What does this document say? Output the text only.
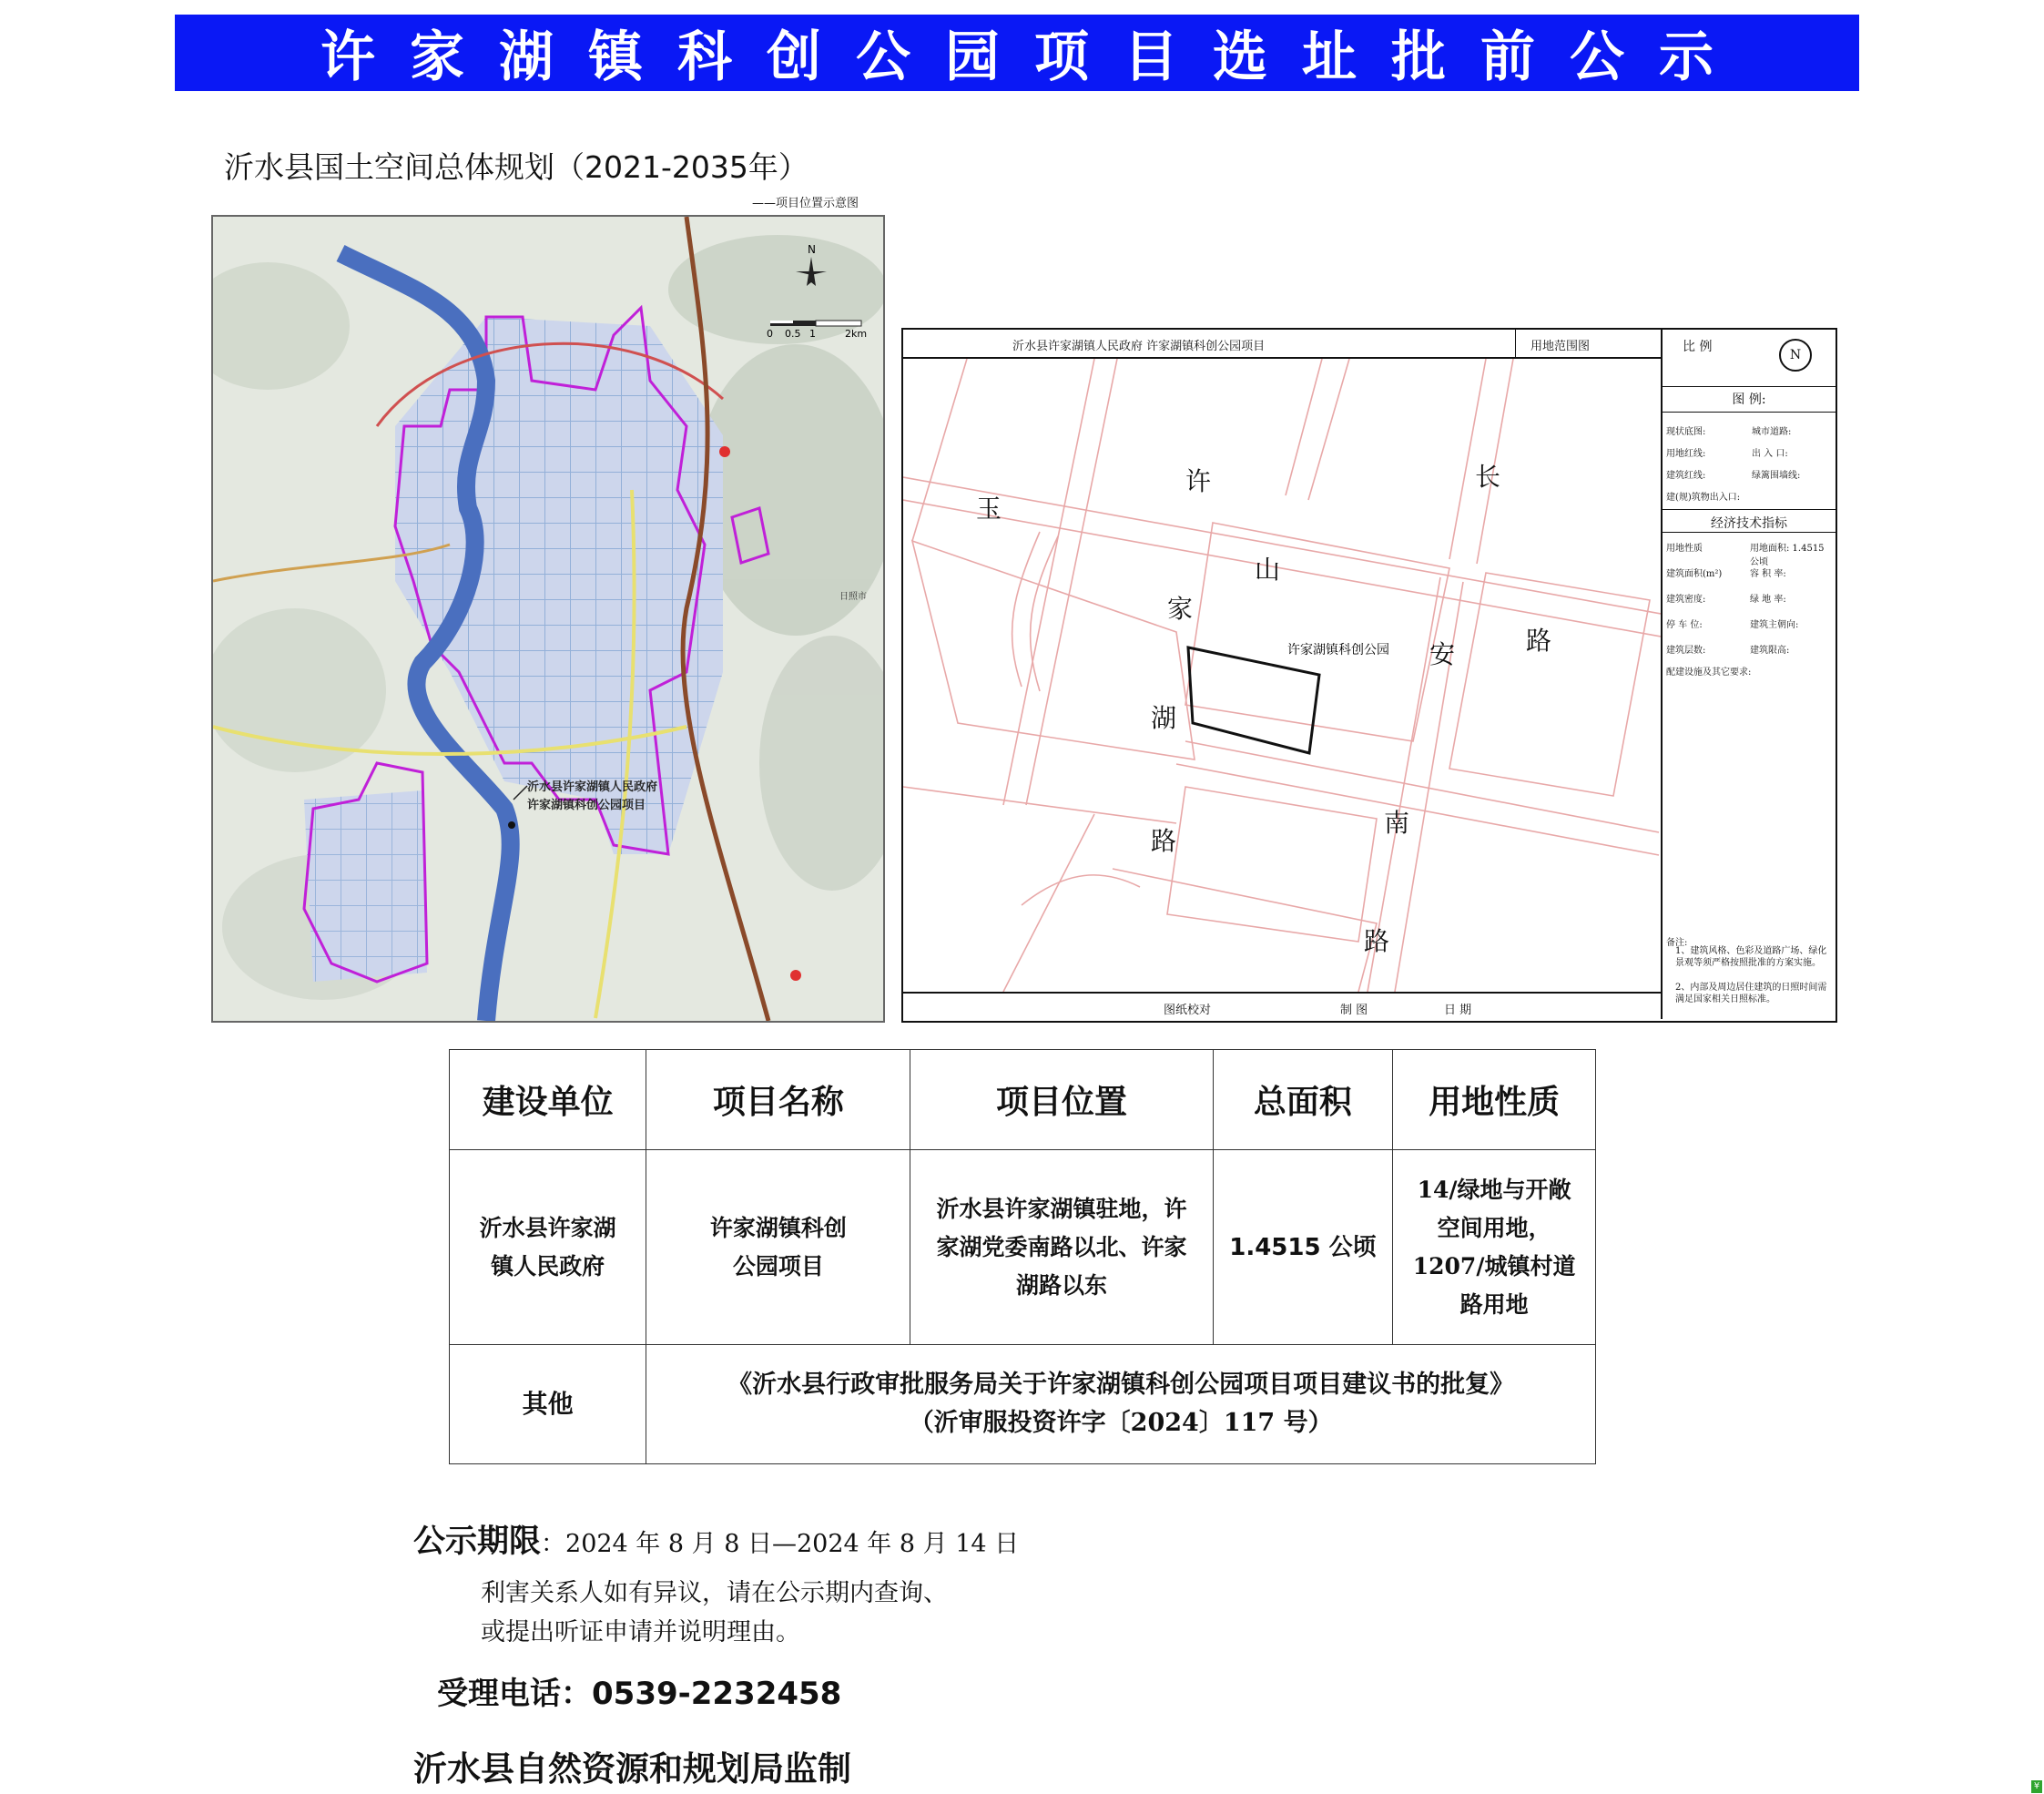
许家湖镇科创公园项目选址批前公示
沂水县国土空间总体规划（2021-2035年）
——项目位置示意图
0 0.5 1	2km
N
沂水县许家湖镇人民政府
许家湖镇科创公园项目
日照市
沂水县许家湖镇人民政府 许家湖镇科创公园项目	用地范围图
许家湖镇科创公园
玉
许	长
山
家
安	路
湖
路
南
路
图纸校对	制 图	日 期
比 例
N
图 例:
现状底图:	城市道路:
用地红线:	出 入 口:
建筑红线:	绿篱围墙线:
建(规)筑物出入口:
经济技术指标
用地性质	用地面积: 1.4515 公顷
建筑面积(m²)	容 积 率:
建筑密度:	绿 地 率:
停 车 位:	建筑主朝向:
建筑层数:	建筑限高:
配建设施及其它要求:
备注:
1、建筑风格、色彩及道路广场、绿化景观等须严格按照批准的方案实施。
2、内部及周边居住建筑的日照时间需满足国家相关日照标准。
建设单位	项目名称	项目位置	总面积	用地性质
沂水县许家湖镇人民政府	许家湖镇科创公园项目	沂水县许家湖镇驻地，许家湖党委南路以北、许家湖路以东	1.4515 公顷	14/绿地与开敞空间用地，1207/城镇村道路用地
其他	《沂水县行政审批服务局关于许家湖镇科创公园项目项目建议书的批复》
（沂审服投资许字〔2024〕117 号）			
公示期限：2024 年 8 月 8 日—2024 年 8 月 14 日
利害关系人如有异议，请在公示期内查询、
或提出听证申请并说明理由。
受理电话：0539-2232458
沂水县自然资源和规划局监制	¥
